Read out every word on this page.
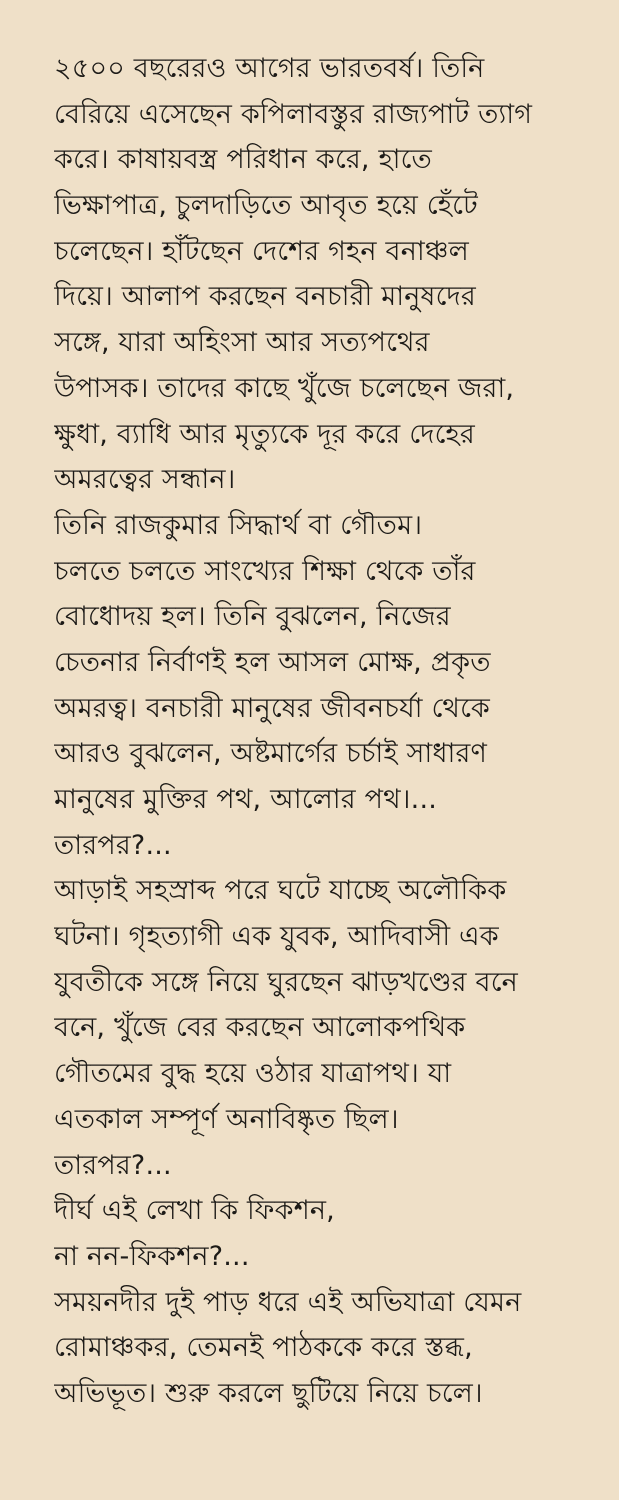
২৫০০ বছরেরও আগের ভারতবর্ষ। তিনি
বেরিয়ে এসেছেন কপিলাবস্তুর রাজ্যপাট ত্যাগ
করে। কাষায়বস্ত্র পরিধান করে, হাতে
ভিক্ষাপাত্র, চুলদাড়িতে আবৃত হয়ে হেঁটে
চলেছেন। হাঁটছেন দেশের গহন বনাঞ্চল
দিয়ে। আলাপ করছেন বনচারী মানুষদের
সঙ্গে, যারা অহিংসা আর সত্যপথের
উপাসক। তাদের কাছে খুঁজে চলেছেন জরা,
ক্ষুধা, ব্যাধি আর মৃত্যুকে দূর করে দেহের
অমরত্বের সন্ধান।
তিনি রাজকুমার সিদ্ধার্থ বা গৌতম।
চলতে চলতে সাংখ্যের শিক্ষা থেকে তাঁর
বোধোদয় হল। তিনি বুঝলেন, নিজের
চেতনার নির্বাণই হল আসল মোক্ষ, প্রকৃত
অমরত্ব। বনচারী মানুষের জীবনচর্যা থেকে
আরও বুঝলেন, অষ্টমার্গের চর্চাই সাধারণ
মানুষের মুক্তির পথ, আলোর পথ।...
তারপর?...
আড়াই সহস্রাব্দ পরে ঘটে যাচ্ছে অলৌকিক
ঘটনা। গৃহত্যাগী এক যুবক, আদিবাসী এক
যুবতীকে সঙ্গে নিয়ে ঘুরছেন ঝাড়খণ্ডের বনে
বনে, খুঁজে বের করছেন আলোকপথিক
গৌতমের বুদ্ধ হয়ে ওঠার যাত্রাপথ। যা
এতকাল সম্পূর্ণ অনাবিষ্কৃত ছিল।
তারপর?...
দীর্ঘ এই লেখা কি ফিকশন,
না নন-ফিকশন?...
সময়নদীর দুই পাড় ধরে এই অভিযাত্রা যেমন
রোমাঞ্চকর, তেমনই পাঠককে করে স্তব্ধ,
অভিভূত। শুরু করলে ছুটিয়ে নিয়ে চলে।
